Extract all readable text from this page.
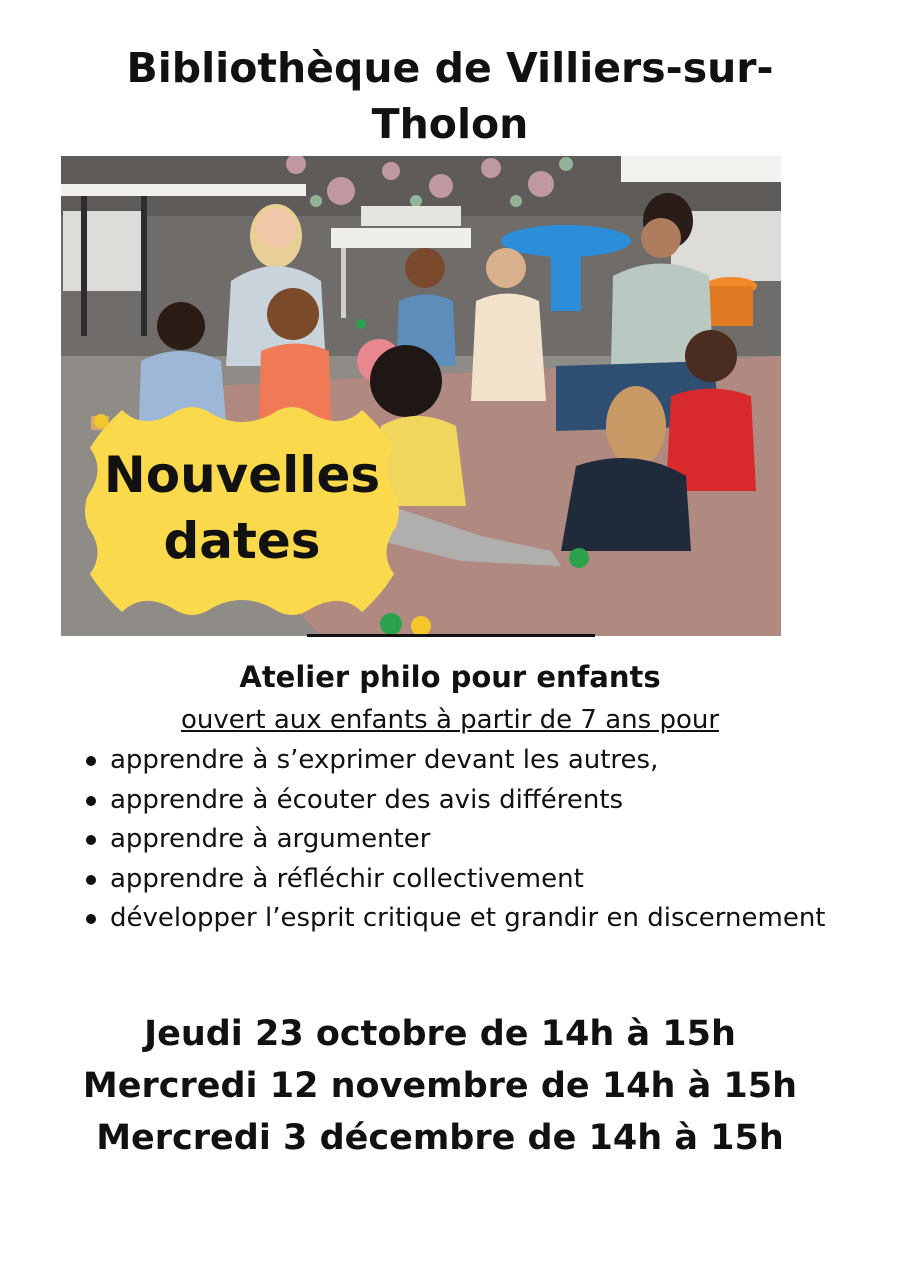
Bibliothèque de Villiers-sur-
Tholon
Nouvelles
dates
Atelier philo pour enfants
ouvert aux enfants à partir de 7 ans pour
apprendre à s’exprimer devant les autres,
apprendre à écouter des avis différents
apprendre à argumenter
apprendre à réfléchir collectivement
développer l’esprit critique et grandir en discernement
Jeudi 23 octobre de 14h à 15h
Mercredi 12 novembre de 14h à 15h
Mercredi 3 décembre de 14h à 15h
